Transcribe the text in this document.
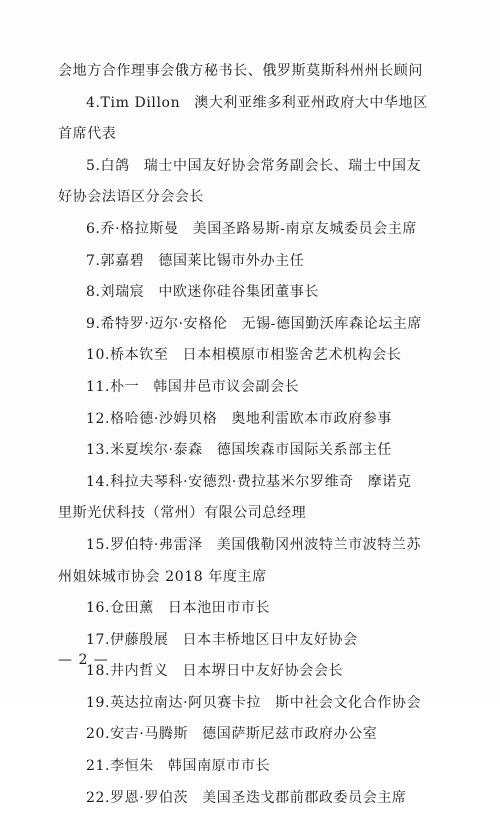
会地方合作理事会俄方秘书长、俄罗斯莫斯科州州长顾问
4.Tim Dillon 澳大利亚维多利亚州政府大中华地区
首席代表
5.白鸽 瑞士中国友好协会常务副会长、瑞士中国友
好协会法语区分会会长
6.乔·格拉斯曼 美国圣路易斯-南京友城委员会主席
7.郭嘉碧 德国莱比锡市外办主任
8.刘瑞宸 中欧迷你硅谷集团董事长
9.希特罗·迈尔·安格伦 无锡-德国勤沃库森论坛主席
10.桥本钦至 日本相模原市相鉴舍艺术机构会长
11.朴一 韩国井邑市议会副会长
12.格哈德·沙姆贝格 奥地利雷欧本市政府参事
13.米夏埃尔·泰森 德国埃森市国际关系部主任
14.科拉夫琴科·安德烈·费拉基米尔罗维奇 摩诺克
里斯光伏科技（常州）有限公司总经理
15.罗伯特·弗雷泽 美国俄勒冈州波特兰市波特兰苏
州姐妹城市协会 2018 年度主席
16.仓田薰 日本池田市市长
17.伊藤殷展 日本丰桥地区日中友好协会
18.井内哲义 日本堺日中友好协会会长
19.英达拉南达·阿贝赛卡拉 斯中社会文化合作协会
20.安吉·马腾斯 德国萨斯尼兹市政府办公室
21.李恒朱 韩国南原市市长
22.罗恩·罗伯茨 美国圣迭戈郡前郡政委员会主席
— 2 —
